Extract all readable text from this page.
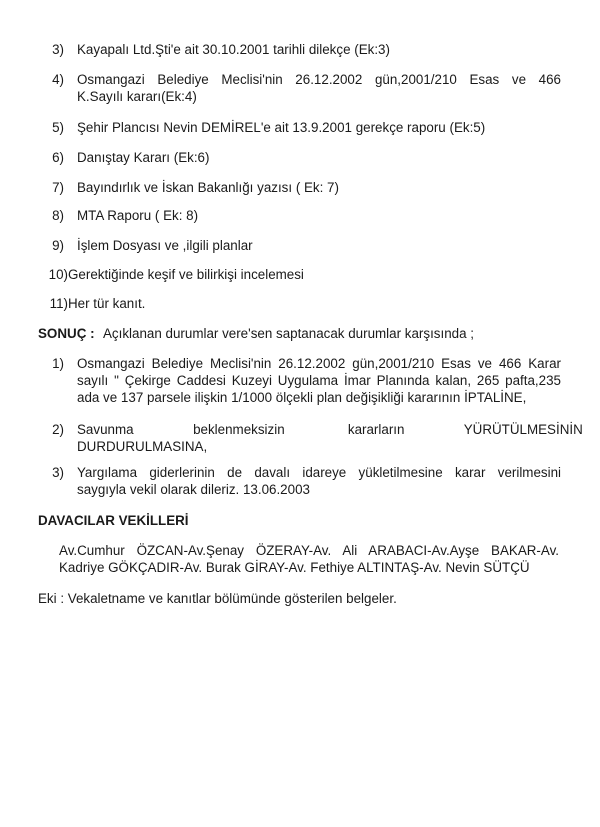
3) Kayapalı Ltd.Şti'e ait 30.10.2001 tarihli dilekçe (Ek:3)
4) Osmangazi Belediye Meclisi'nin 26.12.2002 gün,2001/210 Esas ve 466
K.Sayılı kararı(Ek:4)
5) Şehir Plancısı Nevin DEMİREL'e ait 13.9.2001 gerekçe raporu (Ek:5)
6) Danıştay Kararı (Ek:6)
7) Bayındırlık ve İskan Bakanlığı yazısı ( Ek: 7)
8) MTA Raporu ( Ek: 8)
9) İşlem Dosyası ve ,ilgili planlar
10) Gerektiğinde keşif ve bilirkişi incelemesi
11) Her tür kanıt.
SONUÇ : Açıklanan durumlar vere'sen saptanacak durumlar karşısında ;
1) Osmangazi Belediye Meclisi'nin 26.12.2002 gün,2001/210 Esas ve 466 Karar
sayılı " Çekirge Caddesi Kuzeyi Uygulama İmar Planında kalan, 265 pafta,235
ada ve 137 parsele ilişkin 1/1000 ölçekli plan değişikliği kararının İPTALİNE,
2) Savunma                beklenmeksizin                 kararların                YÜRÜTÜLMESİNİN
DURDURULMASINA,
3) Yargılama giderlerinin de davalı idareye yükletilmesine karar verilmesini
saygıyla vekil olarak dileriz. 13.06.2003
DAVACILAR VEKİLLERİ
Av.Cumhur ÖZCAN-Av.Şenay ÖZERAY-Av. Ali ARABACI-Av.Ayşe BAKAR-Av.
Kadriye GÖKÇADIR-Av. Burak GİRAY-Av. Fethiye ALTINTAŞ-Av. Nevin SÜTÇÜ
Eki : Vekaletname ve kanıtlar bölümünde gösterilen belgeler.
